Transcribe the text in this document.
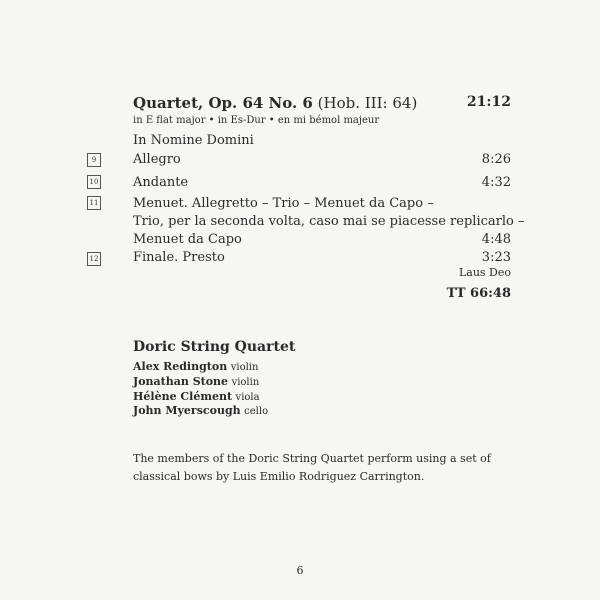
Quartet, Op. 64 No. 6 (Hob. III: 64)	21:12
in E flat major • in Es-Dur • en mi bémol majeur
In Nomine Domini
9	Allegro	8:26
10	Andante	4:32
11	Menuet. Allegretto – Trio – Menuet da Capo –
Trio, per la seconda volta, caso mai se piacesse replicarlo –
Menuet da Capo	4:48
12	Finale. Presto	3:23
Laus Deo
TT 66:48
Doric String Quartet
Alex Redington violin
Jonathan Stone violin
Hélène Clément viola
John Myerscough cello
The members of the Doric String Quartet perform using a set of
classical bows by Luis Emilio Rodriguez Carrington.
6
